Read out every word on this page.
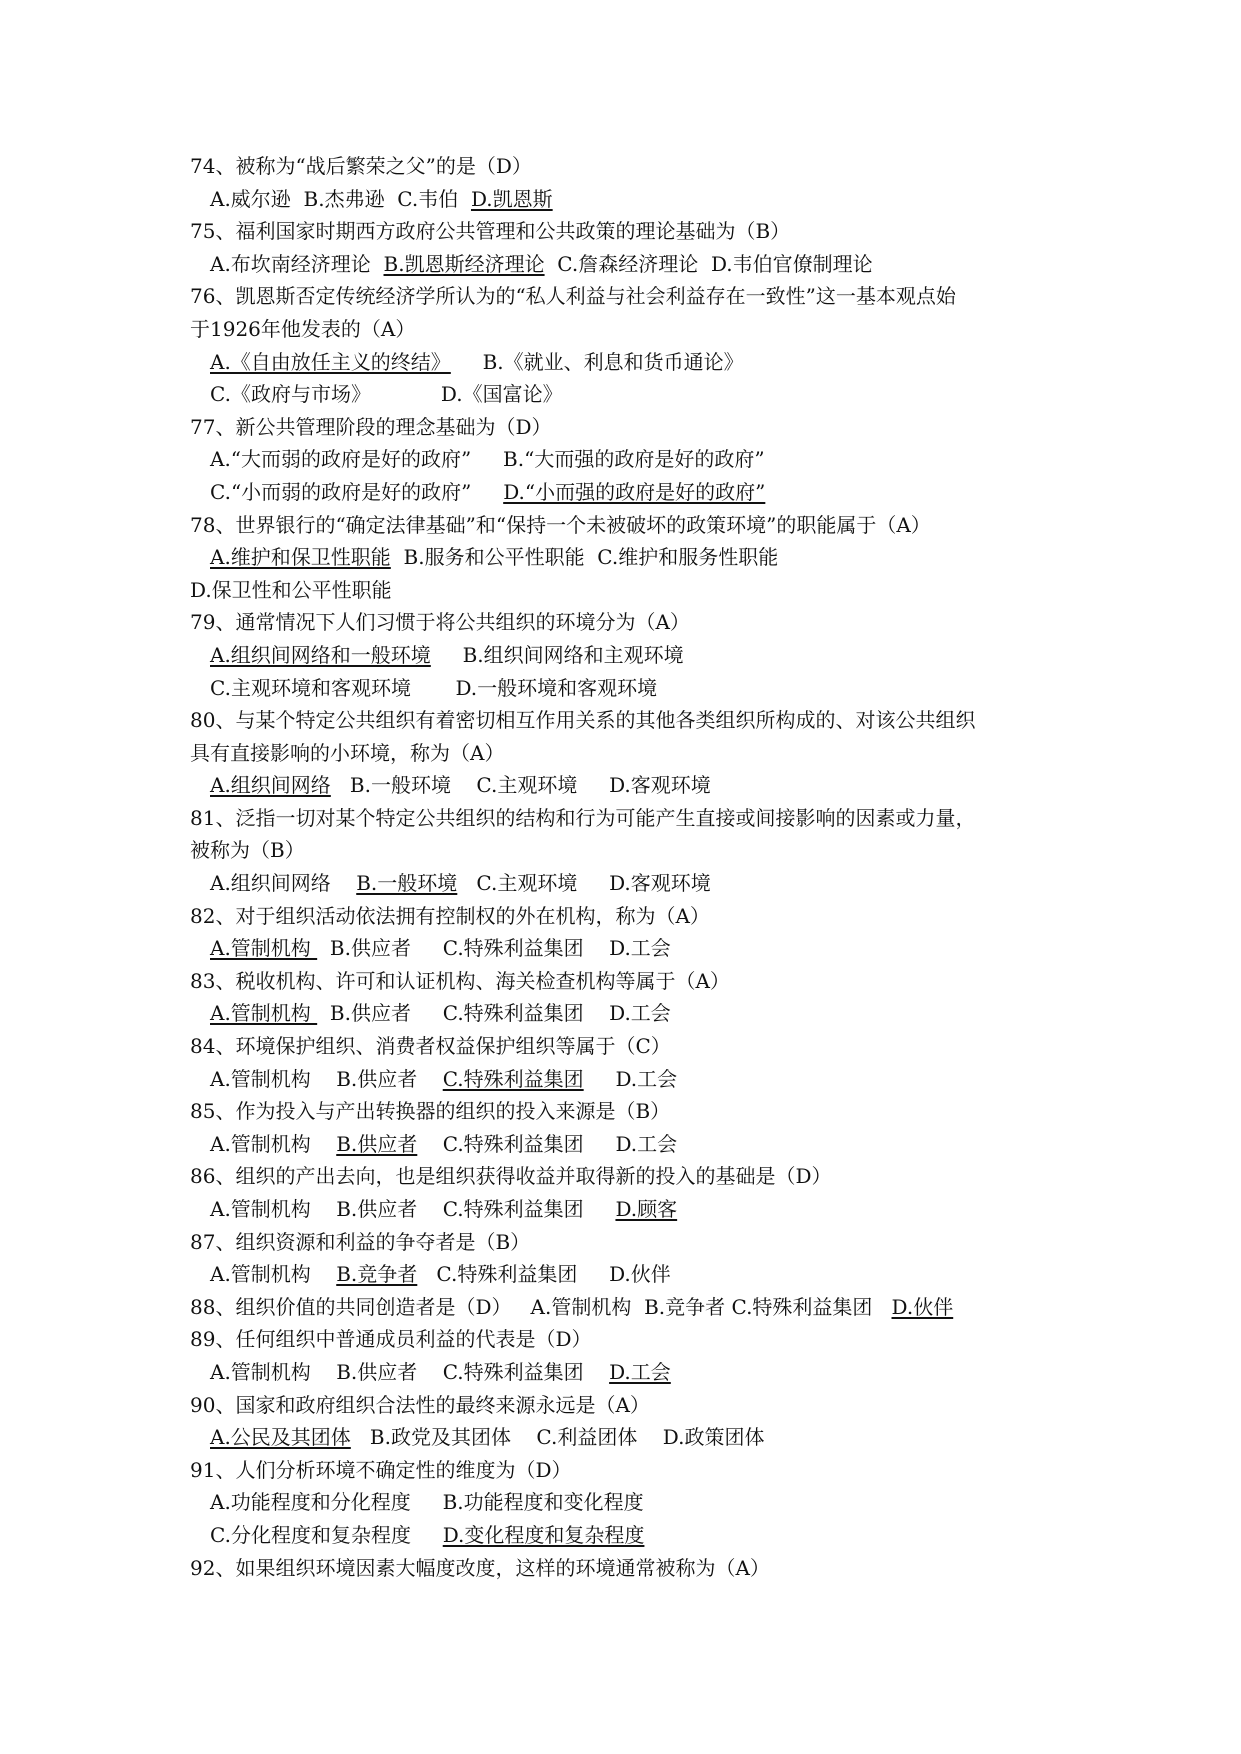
74、被称为“战后繁荣之父”的是（D）
A.威尔逊  B.杰弗逊  C.韦伯  D.凯恩斯
75、福利国家时期西方政府公共管理和公共政策的理论基础为（B）
A.布坎南经济理论  B.凯恩斯经济理论  C.詹森经济理论  D.韦伯官僚制理论
76、凯恩斯否定传统经济学所认为的“私人利益与社会利益存在一致性”这一基本观点始
于1926年他发表的（A）
A.《自由放任主义的终结》     B.《就业、利息和货币通论》
C.《政府与市场》           D.《国富论》
77、新公共管理阶段的理念基础为（D）
A.“大而弱的政府是好的政府”     B.“大而强的政府是好的政府”
C.“小而弱的政府是好的政府”     D.“小而强的政府是好的政府”
78、世界银行的“确定法律基础”和“保持一个未被破坏的政策环境”的职能属于（A）
A.维护和保卫性职能  B.服务和公平性职能  C.维护和服务性职能
D.保卫性和公平性职能
79、通常情况下人们习惯于将公共组织的环境分为（A）
A.组织间网络和一般环境     B.组织间网络和主观环境
C.主观环境和客观环境       D.一般环境和客观环境
80、与某个特定公共组织有着密切相互作用关系的其他各类组织所构成的、对该公共组织
具有直接影响的小环境，称为（A）
A.组织间网络   B.一般环境    C.主观环境     D.客观环境
81、泛指一切对某个特定公共组织的结构和行为可能产生直接或间接影响的因素或力量，
被称为（B）
A.组织间网络    B.一般环境   C.主观环境     D.客观环境
82、对于组织活动依法拥有控制权的外在机构，称为（A）
A.管制机构   B.供应者     C.特殊利益集团    D.工会
83、税收机构、许可和认证机构、海关检查机构等属于（A）
A.管制机构   B.供应者     C.特殊利益集团    D.工会
84、环境保护组织、消费者权益保护组织等属于（C）
A.管制机构    B.供应者    C.特殊利益集团     D.工会
85、作为投入与产出转换器的组织的投入来源是（B）
A.管制机构    B.供应者    C.特殊利益集团     D.工会
86、组织的产出去向，也是组织获得收益并取得新的投入的基础是（D）
A.管制机构    B.供应者    C.特殊利益集团     D.顾客
87、组织资源和利益的争夺者是（B）
A.管制机构    B.竞争者   C.特殊利益集团     D.伙伴
88、组织价值的共同创造者是（D）   A.管制机构  B.竞争者 C.特殊利益集团   D.伙伴
89、任何组织中普通成员利益的代表是（D）
A.管制机构    B.供应者    C.特殊利益集团    D.工会
90、国家和政府组织合法性的最终来源永远是（A）
A.公民及其团体   B.政党及其团体    C.利益团体    D.政策团体
91、人们分析环境不确定性的维度为（D）
A.功能程度和分化程度     B.功能程度和变化程度
C.分化程度和复杂程度     D.变化程度和复杂程度
92、如果组织环境因素大幅度改度，这样的环境通常被称为（A）
